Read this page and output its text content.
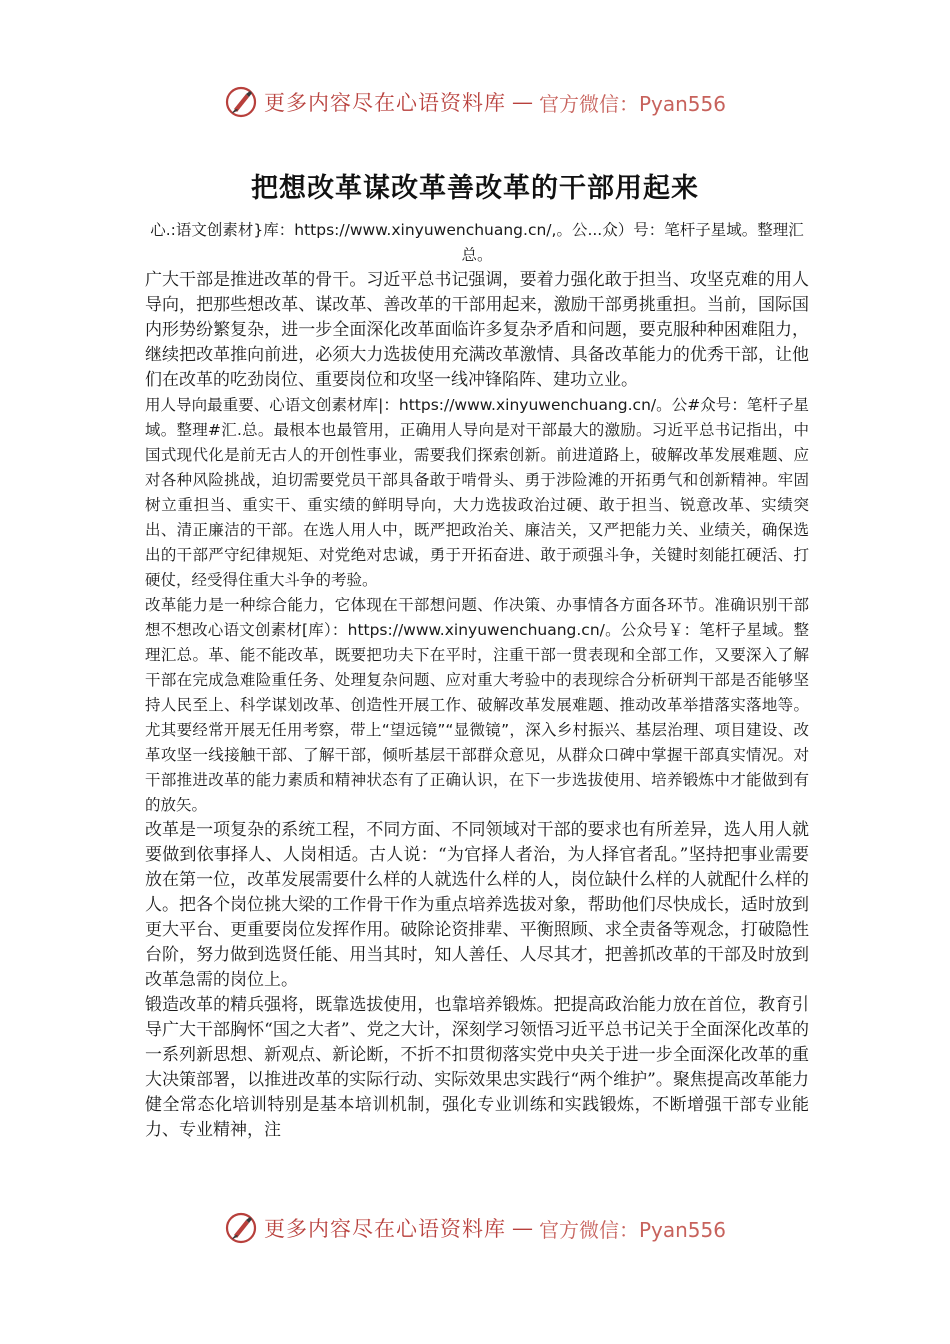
更多内容尽在心语资料库 — 官方微信：Pyan556
把想改革谋改革善改革的干部用起来

心.:语文创素材}库：https://www.xinyuwenchuang.cn/,。公...众）号：笔杆子星域。整理汇总。

广大干部是推进改革的骨干。习近平总书记强调，要着力强化敢于担当、攻坚克难的用人导向，把那些想改革、谋改革、善改革的干部用起来，激励干部勇挑重担。当前，国际国内形势纷繁复杂，进一步全面深化改革面临许多复杂矛盾和问题，要克服种种困难阻力，继续把改革推向前进，必须大力选拔使用充满改革激情、具备改革能力的优秀干部，让他们在改革的吃劲岗位、重要岗位和攻坚一线冲锋陷阵、建功立业。

用人导向最重要、心语文创素材库|：https://www.xinyuwenchuang.cn/。公#众号：笔杆子星域。整理#汇.总。最根本也最管用，正确用人导向是对干部最大的激励。习近平总书记指出，中国式现代化是前无古人的开创性事业，需要我们探索创新。前进道路上，破解改革发展难题、应对各种风险挑战，迫切需要党员干部具备敢于啃骨头、勇于涉险滩的开拓勇气和创新精神。牢固树立重担当、重实干、重实绩的鲜明导向，大力选拔政治过硬、敢于担当、锐意改革、实绩突出、清正廉洁的干部。在选人用人中，既严把政治关、廉洁关，又严把能力关、业绩关，确保选出的干部严守纪律规矩、对党绝对忠诚，勇于开拓奋进、敢于顽强斗争，关键时刻能扛硬活、打硬仗，经受得住重大斗争的考验。

改革能力是一种综合能力，它体现在干部想问题、作决策、办事情各方面各环节。准确识别干部想不想改心语文创素材[库）：https://www.xinyuwenchuang.cn/。公众号￥：笔杆子星域。整理汇总。革、能不能改革，既要把功夫下在平时，注重干部一贯表现和全部工作，又要深入了解干部在完成急难险重任务、处理复杂问题、应对重大考验中的表现综合分析研判干部是否能够坚持人民至上、科学谋划改革、创造性开展工作、破解改革发展难题、推动改革举措落实落地等。尤其要经常开展无任用考察，带上“望远镜”“显微镜”，深入乡村振兴、基层治理、项目建设、改革攻坚一线接触干部、了解干部，倾听基层干部群众意见，从群众口碑中掌握干部真实情况。对干部推进改革的能力素质和精神状态有了正确认识，在下一步选拔使用、培养锻炼中才能做到有的放矢。

改革是一项复杂的系统工程，不同方面、不同领域对干部的要求也有所差异，选人用人就要做到依事择人、人岗相适。古人说：“为官择人者治，为人择官者乱。”坚持把事业需要放在第一位，改革发展需要什么样的人就选什么样的人，岗位缺什么样的人就配什么样的人。把各个岗位挑大梁的工作骨干作为重点培养选拔对象，帮助他们尽快成长，适时放到更大平台、更重要岗位发挥作用。破除论资排辈、平衡照顾、求全责备等观念，打破隐性台阶，努力做到选贤任能、用当其时，知人善任、人尽其才，把善抓改革的干部及时放到改革急需的岗位上。

锻造改革的精兵强将，既靠选拔使用，也靠培养锻炼。把提高政治能力放在首位，教育引导广大干部胸怀“国之大者”、党之大计，深刻学习领悟习近平总书记关于全面深化改革的一系列新思想、新观点、新论断，不折不扣贯彻落实党中央关于进一步全面深化改革的重大决策部署，以推进改革的实际行动、实际效果忠实践行“两个维护”。聚焦提高改革能力健全常态化培训特别是基本培训机制，强化专业训练和实践锻炼，不断增强干部专业能力、专业精神，注

更多内容尽在心语资料库 — 官方微信：Pyan556
